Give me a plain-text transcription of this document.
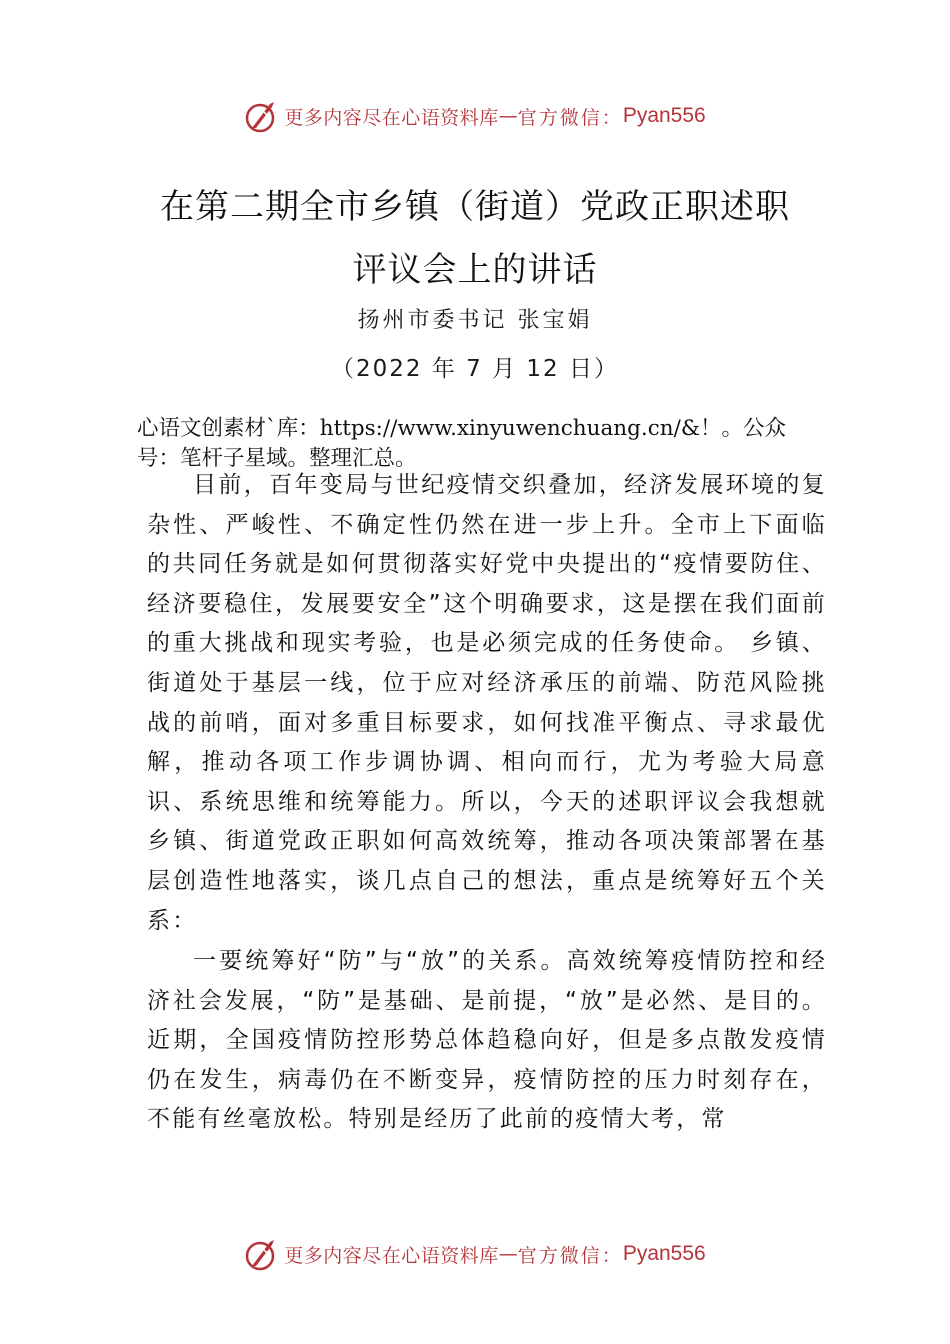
更多内容尽在心语资料库 — 官方微信： Pyan556
在第二期全市乡镇（街道）党政正职述职
评议会上的讲话
扬州市委书记 张宝娟
（2022 年 7 月 12 日）
心语文创素材`库：https://www.xinyuwenchuang.cn/&！。公众号：笔杆子星域。整理汇总。

目前，百年变局与世纪疫情交织叠加，经济发展环境的复杂性、严峻性、不确定性仍然在进一步上升。全市上下面临的共同任务就是如何贯彻落实好党中央提出的“疫情要防住、经济要稳住，发展要安全”这个明确要求，这是摆在我们面前的重大挑战和现实考验，也是必须完成的任务使命。 乡镇、街道处于基层一线，位于应对经济承压的前端、防范风险挑战的前哨，面对多重目标要求，如何找准平衡点、寻求最优解，推动各项工作步调协调、相向而行，尤为考验大局意识、系统思维和统筹能力。所以，今天的述职评议会我想就乡镇、街道党政正职如何高效统筹，推动各项决策部署在基层创造性地落实，谈几点自己的想法，重点是统筹好五个关系：

一要统筹好“防”与“放”的关系。高效统筹疫情防控和经济社会发展，“防”是基础、是前提，“放”是必然、是目的。近期，全国疫情防控形势总体趋稳向好，但是多点散发疫情仍在发生，病毒仍在不断变异，疫情防控的压力时刻存在，不能有丝毫放松。特别是经历了此前的疫情大考，常

更多内容尽在心语资料库 — 官方微信： Pyan556
